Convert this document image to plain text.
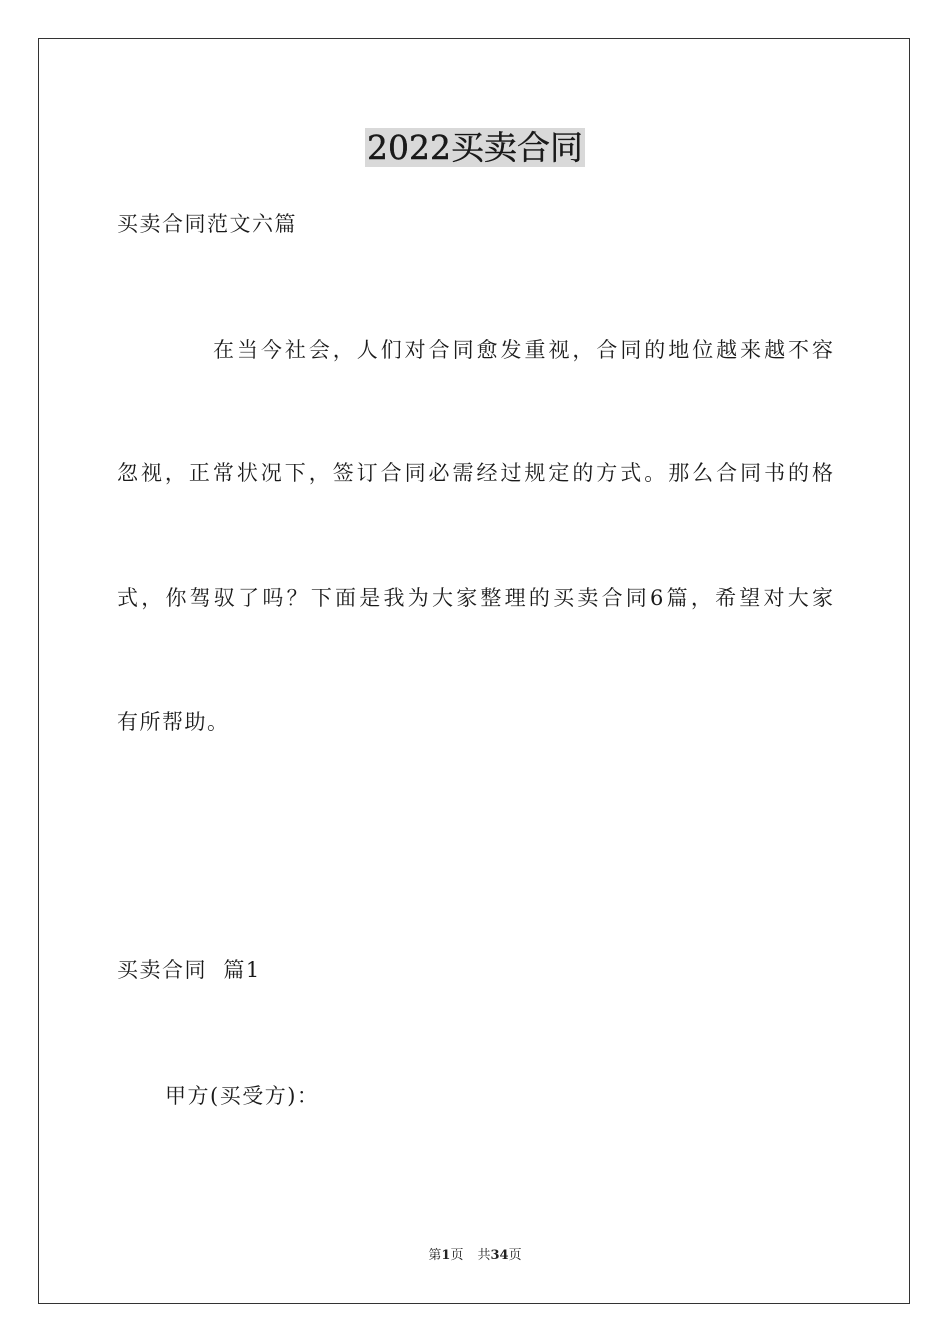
2022买卖合同
买卖合同范文六篇
在当今社会，人们对合同愈发重视，合同的地位越来越不容
忽视，正常状况下，签订合同必需经过规定的方式。那么合同书的格
式，你驾驭了吗？下面是我为大家整理的买卖合同6篇，希望对大家
有所帮助。
买卖合同  篇1
甲方(买受方)：
第1页 共34页
